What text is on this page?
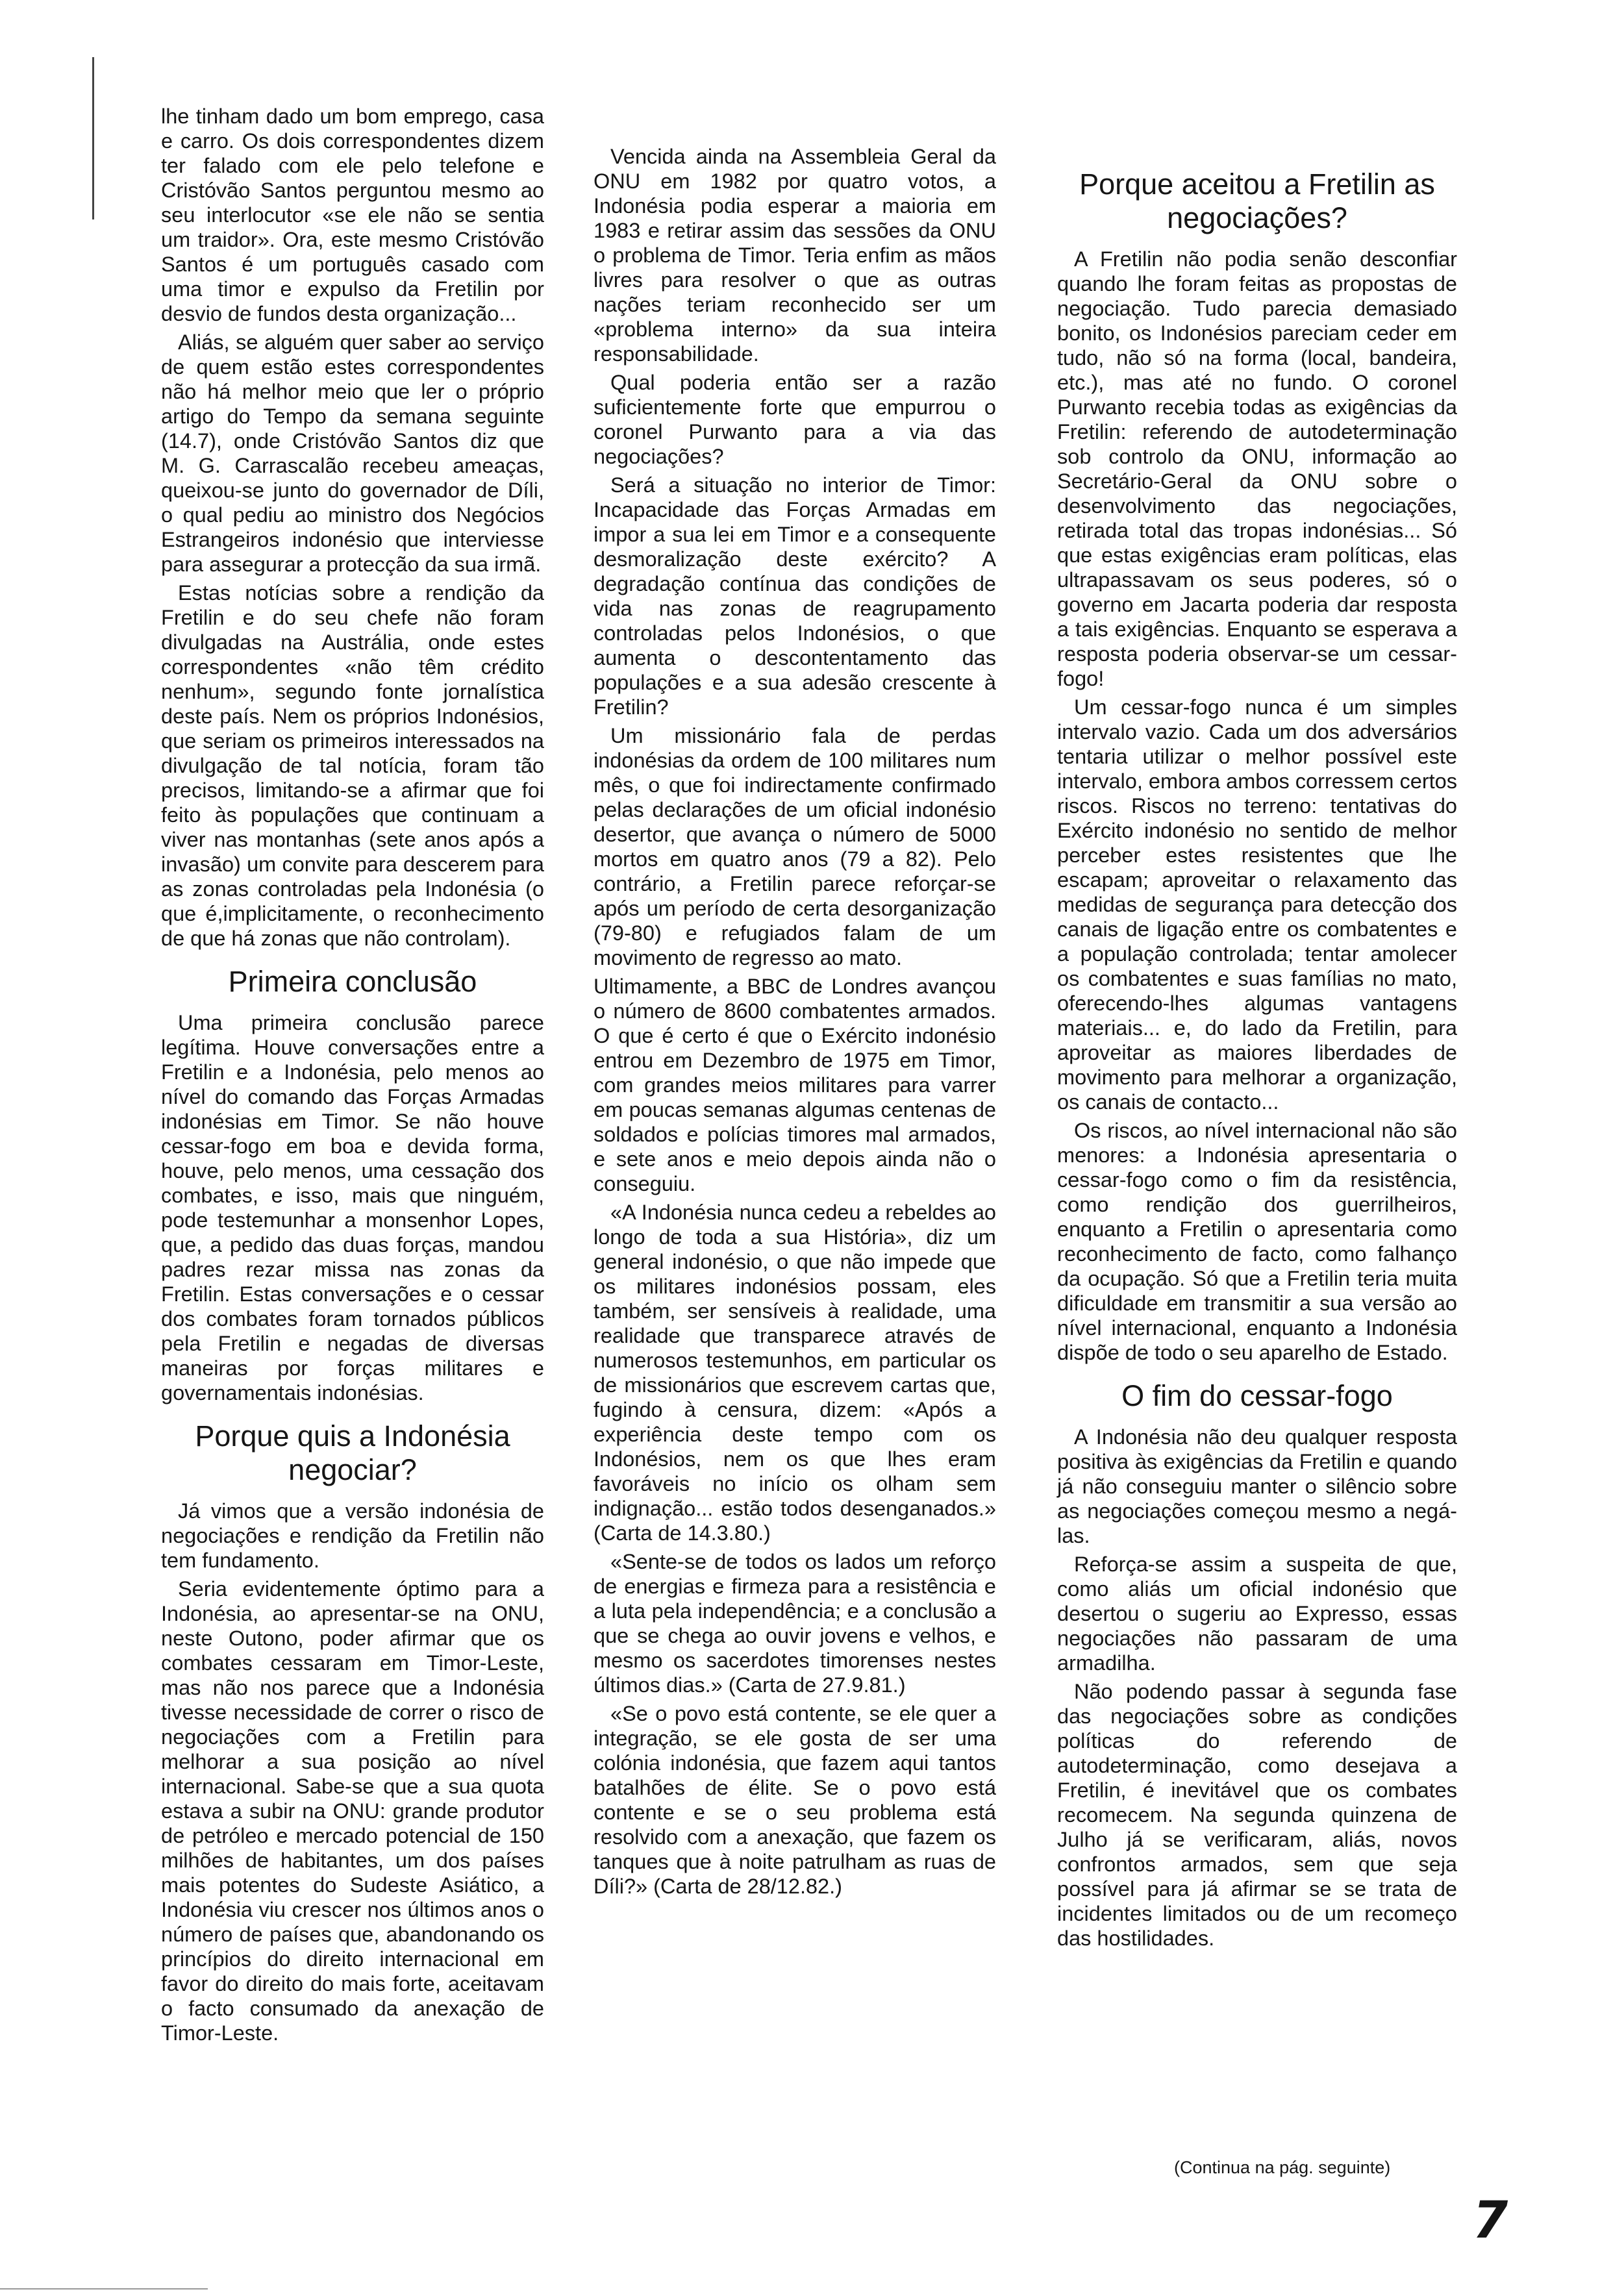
lhe tinham dado um bom emprego, casa e carro. Os dois correspondentes dizem ter falado com ele pelo telefone e Cristóvão Santos perguntou mesmo ao seu interlocutor «se ele não se sentia um traidor». Ora, este mesmo Cristóvão Santos é um português casado com uma timor e expulso da Fretilin por desvio de fundos desta organização...

Aliás, se alguém quer saber ao serviço de quem estão estes correspondentes não há melhor meio que ler o próprio artigo do Tempo da semana seguinte (14.7), onde Cristóvão Santos diz que M. G. Carrascalão recebeu ameaças, queixou-se junto do governador de Díli, o qual pediu ao ministro dos Negócios Estrangeiros indonésio que interviesse para assegurar a protecção da sua irmã.

Estas notícias sobre a rendição da Fretilin e do seu chefe não foram divulgadas na Austrália, onde estes correspondentes «não têm crédito nenhum», segundo fonte jornalística deste país. Nem os próprios Indonésios, que seriam os primeiros interessados na divulgação de tal notícia, foram tão precisos, limitando-se a afirmar que foi feito às populações que continuam a viver nas montanhas (sete anos após a invasão) um convite para descerem para as zonas controladas pela Indonésia (o que é,implicitamente, o reconhecimento de que há zonas que não controlam).

Primeira conclusão

Uma primeira conclusão parece legítima. Houve conversações entre a Fretilin e a Indonésia, pelo menos ao nível do comando das Forças Armadas indonésias em Timor. Se não houve cessar-fogo em boa e devida forma, houve, pelo menos, uma cessação dos combates, e isso, mais que ninguém, pode testemunhar a monsenhor Lopes, que, a pedido das duas forças, mandou padres rezar missa nas zonas da Fretilin. Estas conversações e o cessar dos combates foram tornados públicos pela Fretilin e negadas de diversas maneiras por forças militares e governamentais indonésias.

Porque quis a Indonésia negociar?

Já vimos que a versão indonésia de negociações e rendição da Fretilin não tem fundamento.

Seria evidentemente óptimo para a Indonésia, ao apresentar-se na ONU, neste Outono, poder afirmar que os combates cessaram em Timor-Leste, mas não nos parece que a Indonésia tivesse necessidade de correr o risco de negociações com a Fretilin para melhorar a sua posição ao nível internacional. Sabe-se que a sua quota estava a subir na ONU: grande produtor de petróleo e mercado potencial de 150 milhões de habitantes, um dos países mais potentes do Sudeste Asiático, a Indonésia viu crescer nos últimos anos o número de países que, abandonando os princípios do direito internacional em favor do direito do mais forte, aceitavam o facto consumado da anexação de Timor-Leste.

Vencida ainda na Assembleia Geral da ONU em 1982 por quatro votos, a Indonésia podia esperar a maioria em 1983 e retirar assim das sessões da ONU o problema de Timor. Teria enfim as mãos livres para resolver o que as outras nações teriam reconhecido ser um «problema interno» da sua inteira responsabilidade.

Qual poderia então ser a razão suficientemente forte que empurrou o coronel Purwanto para a via das negociações?

Será a situação no interior de Timor: Incapacidade das Forças Armadas em impor a sua lei em Timor e a consequente desmoralização deste exército? A degradação contínua das condições de vida nas zonas de reagrupamento controladas pelos Indonésios, o que aumenta o descontentamento das populações e a sua adesão crescente à Fretilin?

Um missionário fala de perdas indonésias da ordem de 100 militares num mês, o que foi indirectamente confirmado pelas declarações de um oficial indonésio desertor, que avança o número de 5000 mortos em quatro anos (79 a 82). Pelo contrário, a Fretilin parece reforçar-se após um período de certa desorganização (79-80) e refugiados falam de um movimento de regresso ao mato.

Ultimamente, a BBC de Londres avançou o número de 8600 combatentes armados. O que é certo é que o Exército indonésio entrou em Dezembro de 1975 em Timor, com grandes meios militares para varrer em poucas semanas algumas centenas de soldados e polícias timores mal armados, e sete anos e meio depois ainda não o conseguiu.

«A Indonésia nunca cedeu a rebeldes ao longo de toda a sua História», diz um general indonésio, o que não impede que os militares indonésios possam, eles também, ser sensíveis à realidade, uma realidade que transparece através de numerosos testemunhos, em particular os de missionários que escrevem cartas que, fugindo à censura, dizem: «Após a experiência deste tempo com os Indonésios, nem os que lhes eram favoráveis no início os olham sem indignação... estão todos desenganados.» (Carta de 14.3.80.)

«Sente-se de todos os lados um reforço de energias e firmeza para a resistência e a luta pela independência; e a conclusão a que se chega ao ouvir jovens e velhos, e mesmo os sacerdotes timorenses nestes últimos dias.» (Carta de 27.9.81.)

«Se o povo está contente, se ele quer a integração, se ele gosta de ser uma colónia indonésia, que fazem aqui tantos batalhões de élite. Se o povo está contente e se o seu problema está resolvido com a anexação, que fazem os tanques que à noite patrulham as ruas de Díli?» (Carta de 28/12.82.)

Porque aceitou a Fretilin as negociações?

A Fretilin não podia senão desconfiar quando lhe foram feitas as propostas de negociação. Tudo parecia demasiado bonito, os Indonésios pareciam ceder em tudo, não só na forma (local, bandeira, etc.), mas até no fundo. O coronel Purwanto recebia todas as exigências da Fretilin: referendo de autodeterminação sob controlo da ONU, informação ao Secretário-Geral da ONU sobre o desenvolvimento das negociações, retirada total das tropas indonésias... Só que estas exigências eram políticas, elas ultrapassavam os seus poderes, só o governo em Jacarta poderia dar resposta a tais exigências. Enquanto se esperava a resposta poderia observar-se um cessar-fogo!

Um cessar-fogo nunca é um simples intervalo vazio. Cada um dos adversários tentaria utilizar o melhor possível este intervalo, embora ambos corressem certos riscos. Riscos no terreno: tentativas do Exército indonésio no sentido de melhor perceber estes resistentes que lhe escapam; aproveitar o relaxamento das medidas de segurança para detecção dos canais de ligação entre os combatentes e a população controlada; tentar amolecer os combatentes e suas famílias no mato, oferecendo-lhes algumas vantagens materiais... e, do lado da Fretilin, para aproveitar as maiores liberdades de movimento para melhorar a organização, os canais de contacto...

Os riscos, ao nível internacional não são menores: a Indonésia apresentaria o cessar-fogo como o fim da resistência, como rendição dos guerrilheiros, enquanto a Fretilin o apresentaria como reconhecimento de facto, como falhanço da ocupação. Só que a Fretilin teria muita dificuldade em transmitir a sua versão ao nível internacional, enquanto a Indonésia dispõe de todo o seu aparelho de Estado.

O fim do cessar-fogo

A Indonésia não deu qualquer resposta positiva às exigências da Fretilin e quando já não conseguiu manter o silêncio sobre as negociações começou mesmo a negá-las.

Reforça-se assim a suspeita de que, como aliás um oficial indonésio que desertou o sugeriu ao Expresso, essas negociações não passaram de uma armadilha.

Não podendo passar à segunda fase das negociações sobre as condições políticas do referendo de autodeterminação, como desejava a Fretilin, é inevitável que os combates recomecem. Na segunda quinzena de Julho já se verificaram, aliás, novos confrontos armados, sem que seja possível para já afirmar se se trata de incidentes limitados ou de um recomeço das hostilidades.

(Continua na pág. seguinte)
7
